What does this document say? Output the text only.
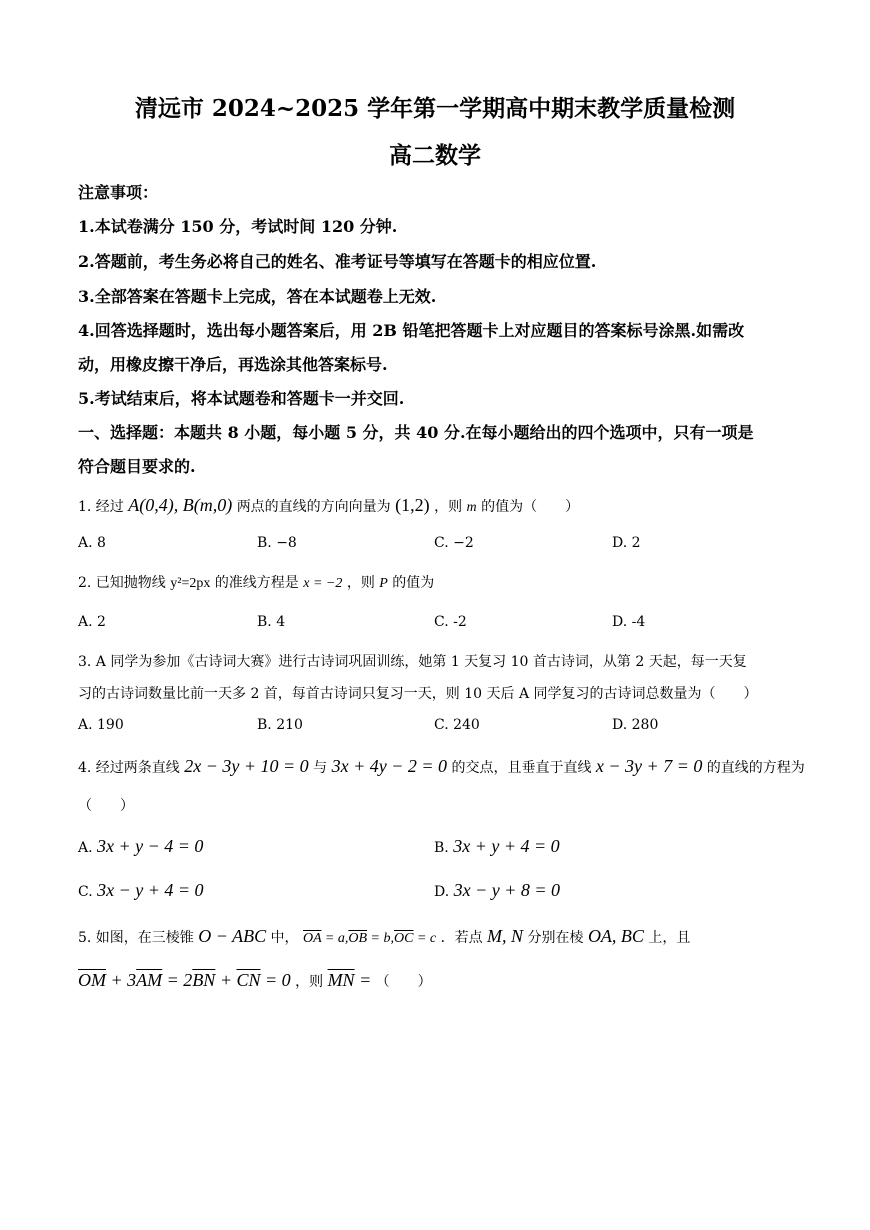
清远市 2024~2025 学年第一学期高中期末教学质量检测
高二数学
注意事项：
1.本试卷满分 150 分，考试时间 120 分钟.
2.答题前，考生务必将自己的姓名、准考证号等填写在答题卡的相应位置.
3.全部答案在答题卡上完成，答在本试题卷上无效.
4.回答选择题时，选出每小题答案后，用 2B 铅笔把答题卡上对应题目的答案标号涂黑.如需改
动，用橡皮擦干净后，再选涂其他答案标号.
5.考试结束后，将本试题卷和答题卡一并交回.
一、选择题：本题共 8 小题，每小题 5 分，共 40 分.在每小题给出的四个选项中，只有一项是
符合题目要求的.
1. 经过 A(0,4), B(m,0) 两点的直线的方向向量为 (1,2) ，则 m 的值为（　　）
A. 8	B. −8	C. −2	D. 2
2. 已知抛物线 y²=2px 的准线方程是 x = −2 ，则 P 的值为
A. 2	B. 4	C. -2	D. -4
3. A 同学为参加《古诗词大赛》进行古诗词巩固训练，她第 1 天复习 10 首古诗词，从第 2 天起，每一天复
习的古诗词数量比前一天多 2 首，每首古诗词只复习一天，则 10 天后 A 同学复习的古诗词总数量为（　　）
A. 190	B. 210	C. 240	D. 280
4. 经过两条直线 2x − 3y + 10 = 0 与 3x + 4y − 2 = 0 的交点，且垂直于直线 x − 3y + 7 = 0 的直线的方程为
（　　）
A. 3x + y − 4 = 0	B. 3x + y + 4 = 0
C. 3x − y + 4 = 0	D. 3x − y + 8 = 0
5. 如图，在三棱锥 O − ABC 中， $\overline{OA} = a,\overline{OB} = b,\overline{OC} = c$ ．若点 M, N 分别在棱 OA, BC 上，且
$\overline{OM} + 3\overline{AM} = 2\overline{BN} + \overline{CN} = 0$ ，则 $\overline{MN}$ = （　　）
